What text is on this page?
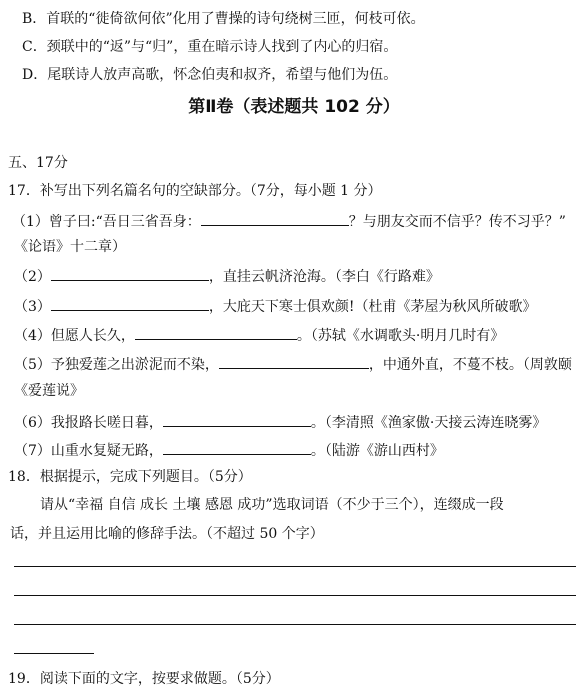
B．首联的“徙倚欲何依”化用了曹操的诗句绕树三匝，何枝可依。
C．颈联中的“返”与“归”，重在暗示诗人找到了内心的归宿。
D．尾联诗人放声高歌，怀念伯夷和叔齐，希望与他们为伍。
第Ⅱ卷（表述题共 102 分）
五、17分
17．补写出下列名篇名句的空缺部分。（7分，每小题 1 分）
（1）曾子曰:“吾日三省吾身：	？与朋友交而不信乎？传不习乎？”
《论语》十二章）
（2）	，直挂云帆济沧海。（李白《行路难》
（3）	，大庇天下寒士俱欢颜!（杜甫《茅屋为秋风所破歌》
（4）但愿人长久，	。（苏轼《水调歌头·明月几时有》
（5）予独爱莲之出淤泥而不染，	，中通外直，不蔓不枝。（周敦颐
《爱莲说》
（6）我报路长嗟日暮，	。（李清照《渔家傲·天接云涛连晓雾》
（7）山重水复疑无路，	。（陆游《游山西村》
18．根据提示，完成下列题目。（5分）
请从“幸福 自信 成长 土壤 感恩 成功”选取词语（不少于三个），连缀成一段
话，并且运用比喻的修辞手法。（不超过 50 个字）
19．阅读下面的文字，按要求做题。（5分）
